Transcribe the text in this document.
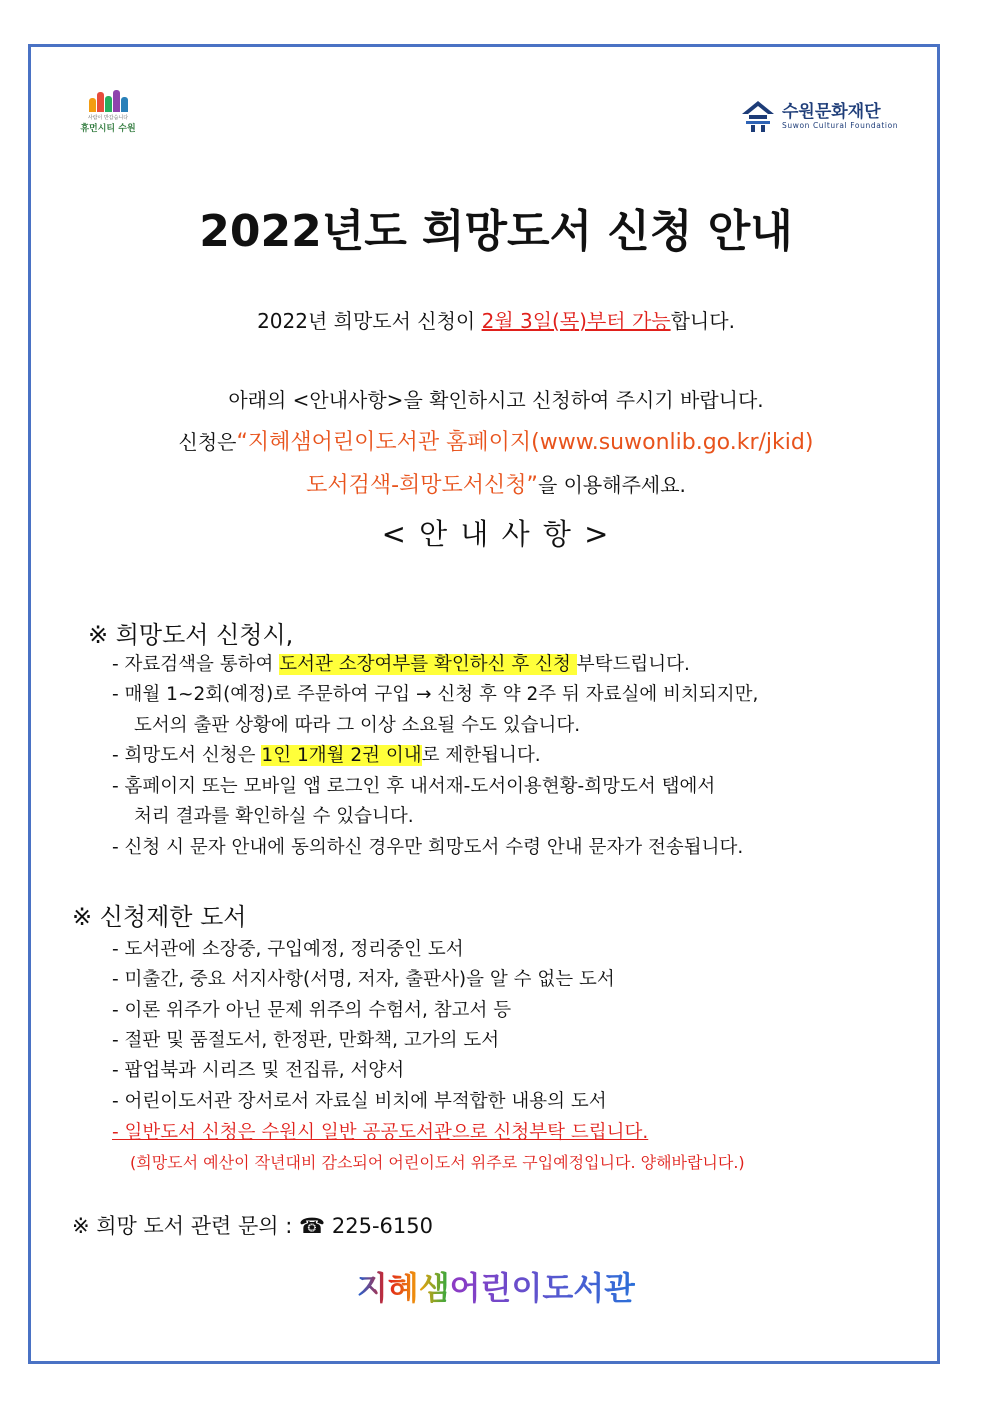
사람이 반갑습니다
휴먼시티 수원
수원문화재단
Suwon Cultural Foundation
2022년도 희망도서 신청 안내
2022년 희망도서 신청이 2월 3일(목)부터 가능합니다.
아래의 <안내사항>을 확인하시고 신청하여 주시기 바랍니다.
신청은“지혜샘어린이도서관 홈페이지(www.suwonlib.go.kr/jkid)
도서검색-희망도서신청”을 이용해주세요.
< 안 내 사 항 >
※ 희망도서 신청시,
- 자료검색을 통하여 도서관 소장여부를 확인하신 후 신청 부탁드립니다.
- 매월 1~2회(예정)로 주문하여 구입 → 신청 후 약 2주 뒤 자료실에 비치되지만,
도서의 출판 상황에 따라 그 이상 소요될 수도 있습니다.
- 희망도서 신청은 1인 1개월 2권 이내로 제한됩니다.
- 홈페이지 또는 모바일 앱 로그인 후 내서재-도서이용현황-희망도서 탭에서
처리 결과를 확인하실 수 있습니다.
- 신청 시 문자 안내에 동의하신 경우만 희망도서 수령 안내 문자가 전송됩니다.
※ 신청제한 도서
- 도서관에 소장중, 구입예정, 정리중인 도서
- 미출간, 중요 서지사항(서명, 저자, 출판사)을 알 수 없는 도서
- 이론 위주가 아닌 문제 위주의 수험서, 참고서 등
- 절판 및 품절도서, 한정판, 만화책, 고가의 도서
- 팝업북과 시리즈 및 전집류, 서양서
- 어린이도서관 장서로서 자료실 비치에 부적합한 내용의 도서
- 일반도서 신청은 수원시 일반 공공도서관으로 신청부탁 드립니다.
(희망도서 예산이 작년대비 감소되어 어린이도서 위주로 구입예정입니다. 양해바랍니다.)
※ 희망 도서 관련 문의 : ☎ 225-6150
지혜샘어린이도서관
